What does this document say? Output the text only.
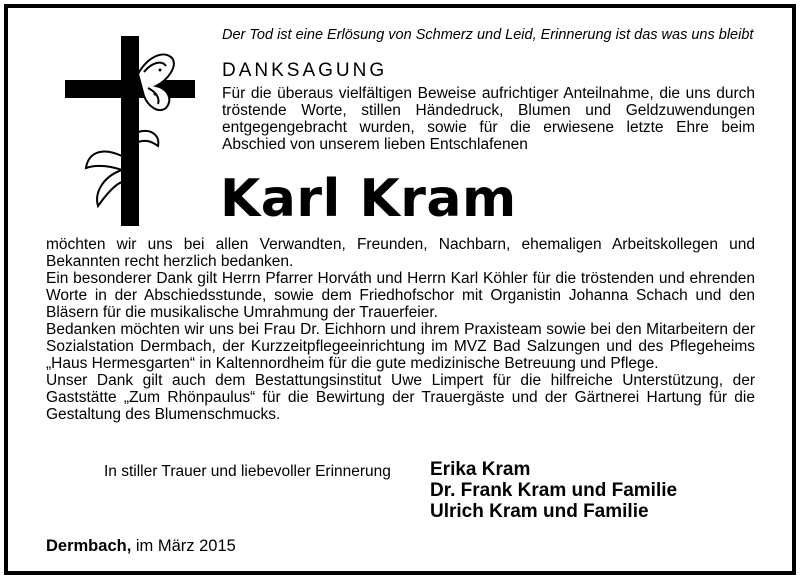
Der Tod ist eine Erlösung von Schmerz und Leid, Erinnerung ist das was uns bleibt
DANKSAGUNG

Für die überaus vielfältigen Beweise aufrichtiger Anteilnahme, die uns durch tröstende Worte, stillen Händedruck, Blumen und Geldzuwendungen entgegengebracht wurden, sowie für die erwiesene letzte Ehre beim Abschied von unserem lieben Entschlafenen

Karl Kram

möchten wir uns bei allen Verwandten, Freunden, Nachbarn, ehemaligen Arbeitskollegen und Bekannten recht herzlich bedanken.

Ein besonderer Dank gilt Herrn Pfarrer Horváth und Herrn Karl Köhler für die tröstenden und ehrenden Worte in der Abschiedsstunde, sowie dem Friedhofschor mit Organistin Johanna Schach und den Bläsern für die musikalische Umrahmung der Trauerfeier.

Bedanken möchten wir uns bei Frau Dr. Eichhorn und ihrem Praxisteam sowie bei den Mitarbeitern der Sozialstation Dermbach, der Kurzzeitpflegeeinrichtung im MVZ Bad Salzungen und des Pflegeheims „Haus Hermesgarten“ in Kaltennordheim für die gute medizinische Betreuung und Pflege.

Unser Dank gilt auch dem Bestattungsinstitut Uwe Limpert für die hilfreiche Unterstützung, der Gaststätte „Zum Rhönpaulus“ für die Bewirtung der Trauergäste und der Gärtnerei Hartung für die Gestaltung des Blumenschmucks.

In stiller Trauer und liebevoller Erinnerung Erika Kram
Dr. Frank Kram und Familie
Ulrich Kram und Familie
Dermbach, im März 2015
